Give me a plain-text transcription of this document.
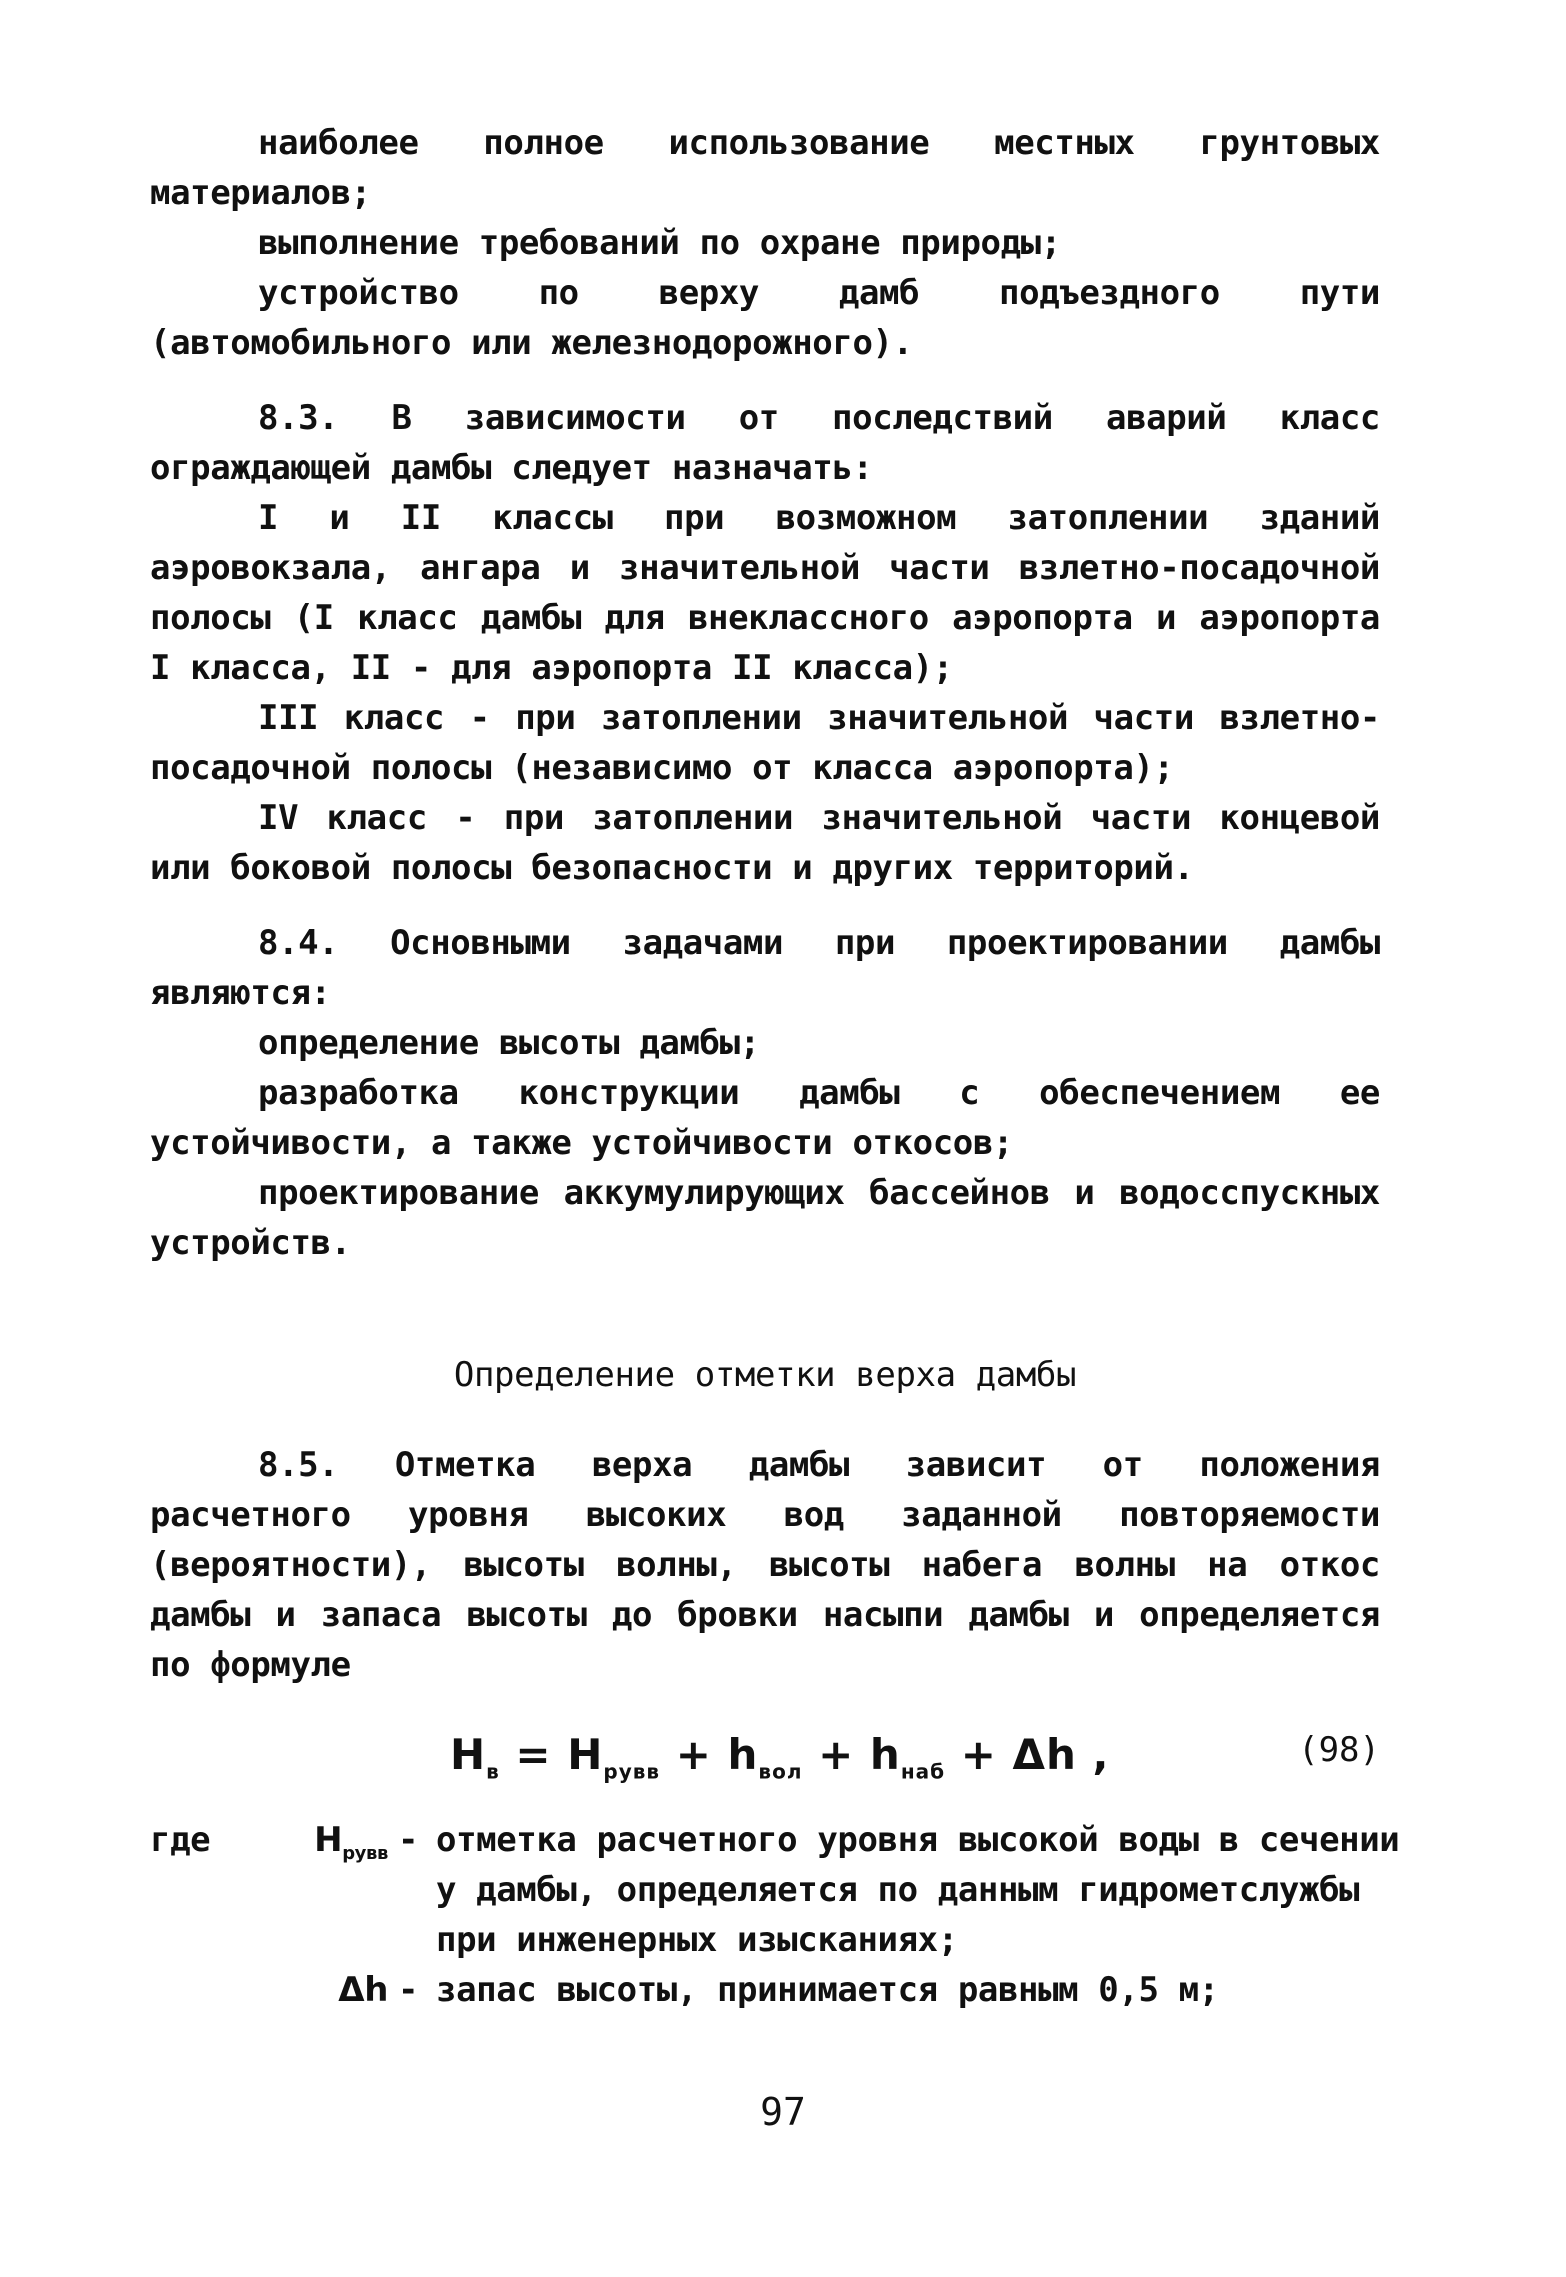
наиболее полное использование местных грунтовых материалов;

выполнение требований по охране природы;

устройство по верху дамб подъездного пути (автомобильного или железнодорожного).

8.3. В зависимости от последствий аварий класс ограждающей дамбы следует назначать:

I и II классы при возможном затоплении зданий аэровокзала, ангара и значительной части взлетно-посадочной полосы (I класс дамбы для внеклассного аэропорта и аэропорта I класса, II - для аэропорта II класса);

III класс - при затоплении значительной части взлетно-посадочной полосы (независимо от класса аэропорта);

IV класс - при затоплении значительной части концевой или боковой полосы безопасности и других территорий.

8.4. Основными задачами при проектировании дамбы являются:

определение высоты дамбы;

разработка конструкции дамбы с обеспечением ее устойчивости, а также устойчивости откосов;

проектирование аккумулирующих бассейнов и водосспускных устройств.

Определение отметки верха дамбы

8.5. Отметка верха дамбы зависит от положения расчетного уровня высоких вод заданной повторяемости (вероятности), высоты волны, высоты набега волны на откос дамбы и запаса высоты до бровки насыпи дамбы и определяется по формуле

$H_в = H_{рувв} + h_{вол} + h_{наб} + \Delta h$ ,	(98)
где	$H_{рувв}$ - отметка расчетного уровня высокой воды в сечении у дамбы, определяется по данным гидрометслужбы при инженерных изысканиях;
Δh - запас высоты, принимается равным 0,5 м;
97
